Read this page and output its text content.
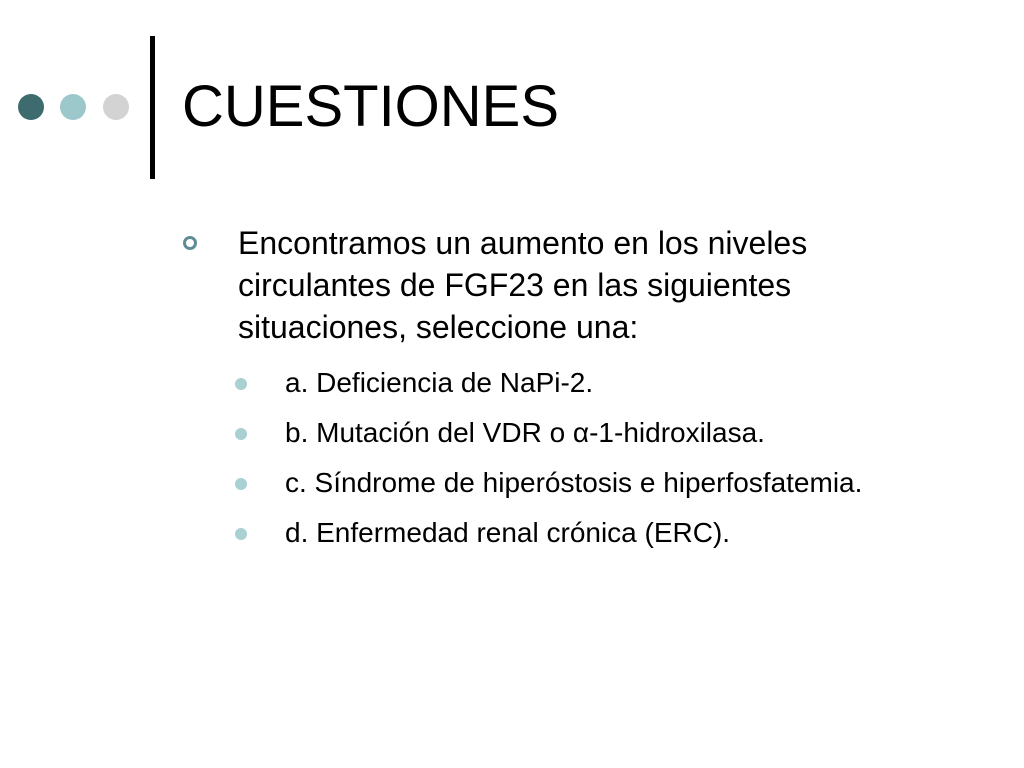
CUESTIONES

Encontramos un aumento en los niveles circulantes de FGF23 en las siguientes situaciones, seleccione una:

a. Deficiencia de NaPi-2.
b. Mutación del VDR o α-1-hidroxilasa.
c. Síndrome de hiperóstosis e hiperfosfatemia.
d. Enfermedad renal crónica (ERC).
